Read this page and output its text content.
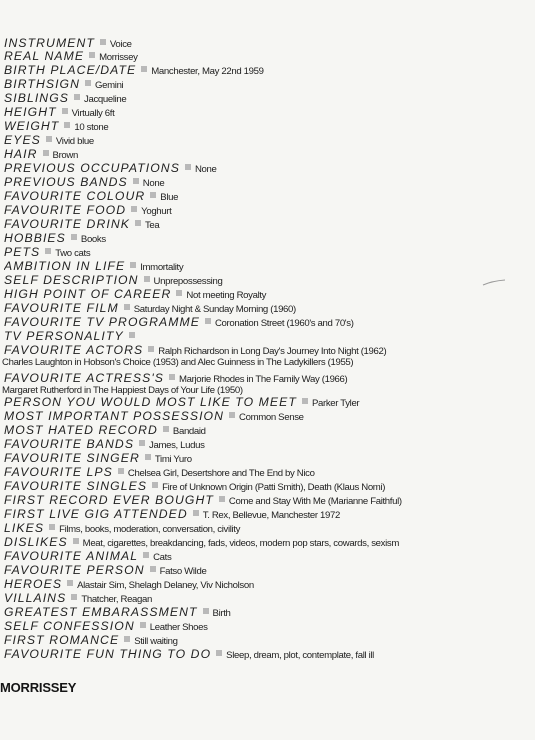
INSTRUMENT Voice
REAL NAME Morrissey
BIRTH PLACE/DATE Manchester, May 22nd 1959
BIRTHSIGN Gemini
SIBLINGS Jacqueline
HEIGHT Virtually 6ft
WEIGHT 10 stone
EYES Vivid blue
HAIR Brown
PREVIOUS OCCUPATIONS None
PREVIOUS BANDS None
FAVOURITE COLOUR Blue
FAVOURITE FOOD Yoghurt
FAVOURITE DRINK Tea
HOBBIES Books
PETS Two cats
AMBITION IN LIFE Immortality
SELF DESCRIPTION Unprepossessing
HIGH POINT OF CAREER Not meeting Royalty
FAVOURITE FILM Saturday Night & Sunday Morning (1960)
FAVOURITE TV PROGRAMME Coronation Street (1960's and 70's)
TV PERSONALITY
FAVOURITE ACTORS Ralph Richardson in Long Day's Journey Into Night (1962)
Charles Laughton in Hobson's Choice (1953) and Alec Guinness in The Ladykillers (1955)
FAVOURITE ACTRESS'S Marjorie Rhodes in The Family Way (1966)
Margaret Rutherford in The Happiest Days of Your Life (1950)
PERSON YOU WOULD MOST LIKE TO MEET Parker Tyler
MOST IMPORTANT POSSESSION Common Sense
MOST HATED RECORD Bandaid
FAVOURITE BANDS James, Ludus
FAVOURITE SINGER Timi Yuro
FAVOURITE LPS Chelsea Girl, Desertshore and The End by Nico
FAVOURITE SINGLES Fire of Unknown Origin (Patti Smith), Death (Klaus Nomi)
FIRST RECORD EVER BOUGHT Come and Stay With Me (Marianne Faithful)
FIRST LIVE GIG ATTENDED T. Rex, Bellevue, Manchester 1972
LIKES Films, books, moderation, conversation, civility
DISLIKES Meat, cigarettes, breakdancing, fads, videos, modern pop stars, cowards, sexism
FAVOURITE ANIMAL Cats
FAVOURITE PERSON Fatso Wilde
HEROES Alastair Sim, Shelagh Delaney, Viv Nicholson
VILLAINS Thatcher, Reagan
GREATEST EMBARASSMENT Birth
SELF CONFESSION Leather Shoes
FIRST ROMANCE Still waiting
FAVOURITE FUN THING TO DO Sleep, dream, plot, contemplate, fall ill
MORRISSEY
